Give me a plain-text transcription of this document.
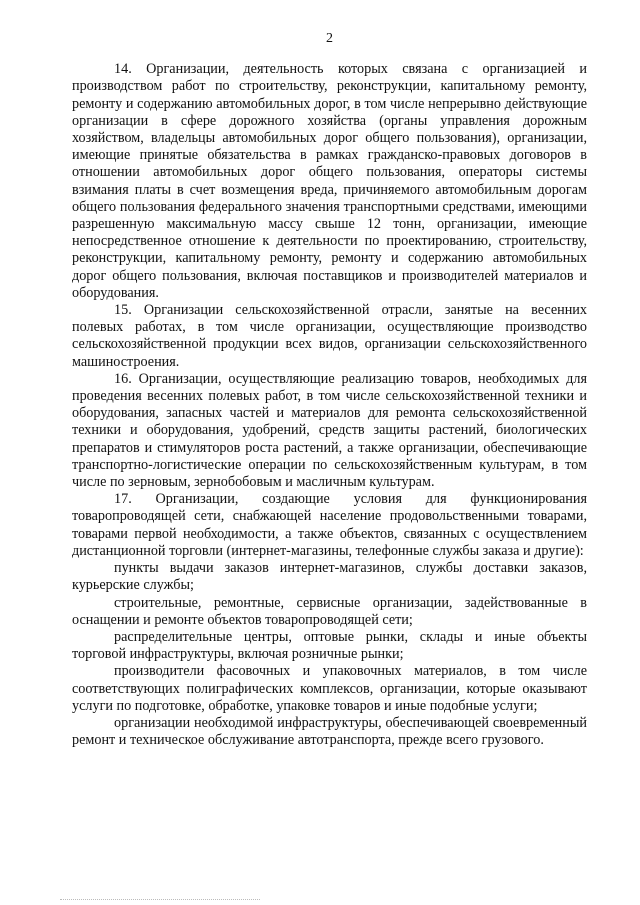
2

14. Организации, деятельность которых связана с организацией и производством работ по строительству, реконструкции, капитальному ремонту, ремонту и содержанию автомобильных дорог, в том числе непрерывно действующие организации в сфере дорожного хозяйства (органы управления дорожным хозяйством, владельцы автомобильных дорог общего пользования), организации, имеющие принятые обязательства в рамках гражданско-правовых договоров в отношении автомобильных дорог общего пользования, операторы системы взимания платы в счет возмещения вреда, причиняемого автомобильным дорогам общего пользования федерального значения транспортными средствами, имеющими разрешенную максимальную массу свыше 12 тонн, организации, имеющие непосредственное отношение к деятельности по проектированию, строительству, реконструкции, капитальному ремонту, ремонту и содержанию автомобильных дорог общего пользования, включая поставщиков и производителей материалов и оборудования.

15. Организации сельскохозяйственной отрасли, занятые на весенних полевых работах, в том числе организации, осуществляющие производство сельскохозяйственной продукции всех видов, организации сельскохозяйственного машиностроения.

16. Организации, осуществляющие реализацию товаров, необходимых для проведения весенних полевых работ, в том числе сельскохозяйственной техники и оборудования, запасных частей и материалов для ремонта сельскохозяйственной техники и оборудования, удобрений, средств защиты растений, биологических препаратов и стимуляторов роста растений, а также организации, обеспечивающие транспортно-логистические операции по сельскохозяйственным культурам, в том числе по зерновым, зернобобовым и масличным культурам.

17. Организации, создающие условия для функционирования товаропроводящей сети, снабжающей население продовольственными товарами, товарами первой необходимости, а также объектов, связанных с осуществлением дистанционной торговли (интернет-магазины, телефонные службы заказа и другие):

пункты выдачи заказов интернет-магазинов, службы доставки заказов, курьерские службы;

строительные, ремонтные, сервисные организации, задействованные в оснащении и ремонте объектов товаропроводящей сети;

распределительные центры, оптовые рынки, склады и иные объекты торговой инфраструктуры, включая розничные рынки;

производители фасовочных и упаковочных материалов, в том числе соответствующих полиграфических комплексов, организации, которые оказывают услуги по подготовке, обработке, упаковке товаров и иные подобные услуги;

организации необходимой инфраструктуры, обеспечивающей своевременный ремонт и техническое обслуживание автотранспорта, прежде всего грузового.
